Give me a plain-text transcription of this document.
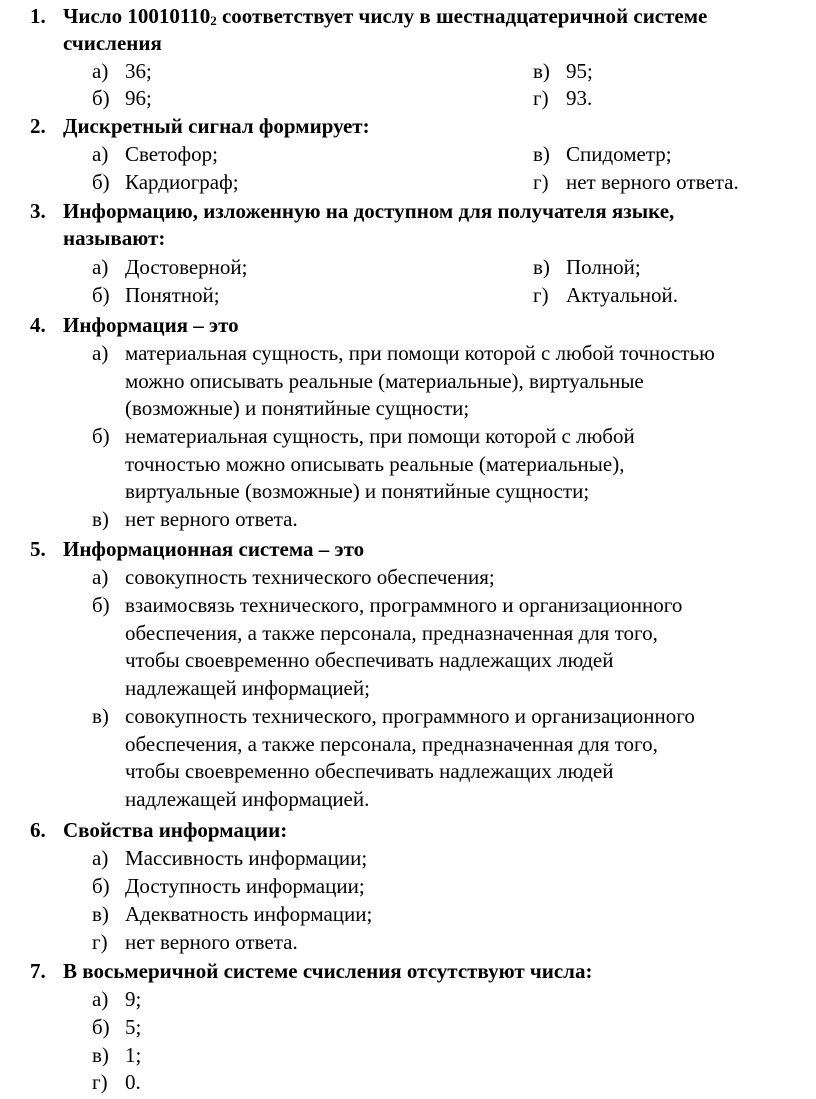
1. Число 100101102 соответствует числу в шестнадцатеричной системе
счисления
а) 36;	в) 95;
б) 96;	г) 93.
2. Дискретный сигнал формирует:
а) Светофор;	в) Спидометр;
б) Кардиограф;	г) нет верного ответа.
3. Информацию, изложенную на доступном для получателя языке,
называют:
а) Достоверной;	в) Полной;
б) Понятной;	г) Актуальной.
4. Информация – это
а) материальная сущность, при помощи которой с любой точностью
можно описывать реальные (материальные), виртуальные
(возможные) и понятийные сущности;
б) нематериальная сущность, при помощи которой с любой
точностью можно описывать реальные (материальные),
виртуальные (возможные) и понятийные сущности;
в) нет верного ответа.
5. Информационная система – это
а) совокупность технического обеспечения;
б) взаимосвязь технического, программного и организационного
обеспечения, а также персонала, предназначенная для того,
чтобы своевременно обеспечивать надлежащих людей
надлежащей информацией;
в) совокупность технического, программного и организационного
обеспечения, а также персонала, предназначенная для того,
чтобы своевременно обеспечивать надлежащих людей
надлежащей информацией.
6. Свойства информации:
а) Массивность информации;
б) Доступность информации;
в) Адекватность информации;
г) нет верного ответа.
7. В восьмеричной системе счисления отсутствуют числа:
а) 9;
б) 5;
в) 1;
г) 0.
